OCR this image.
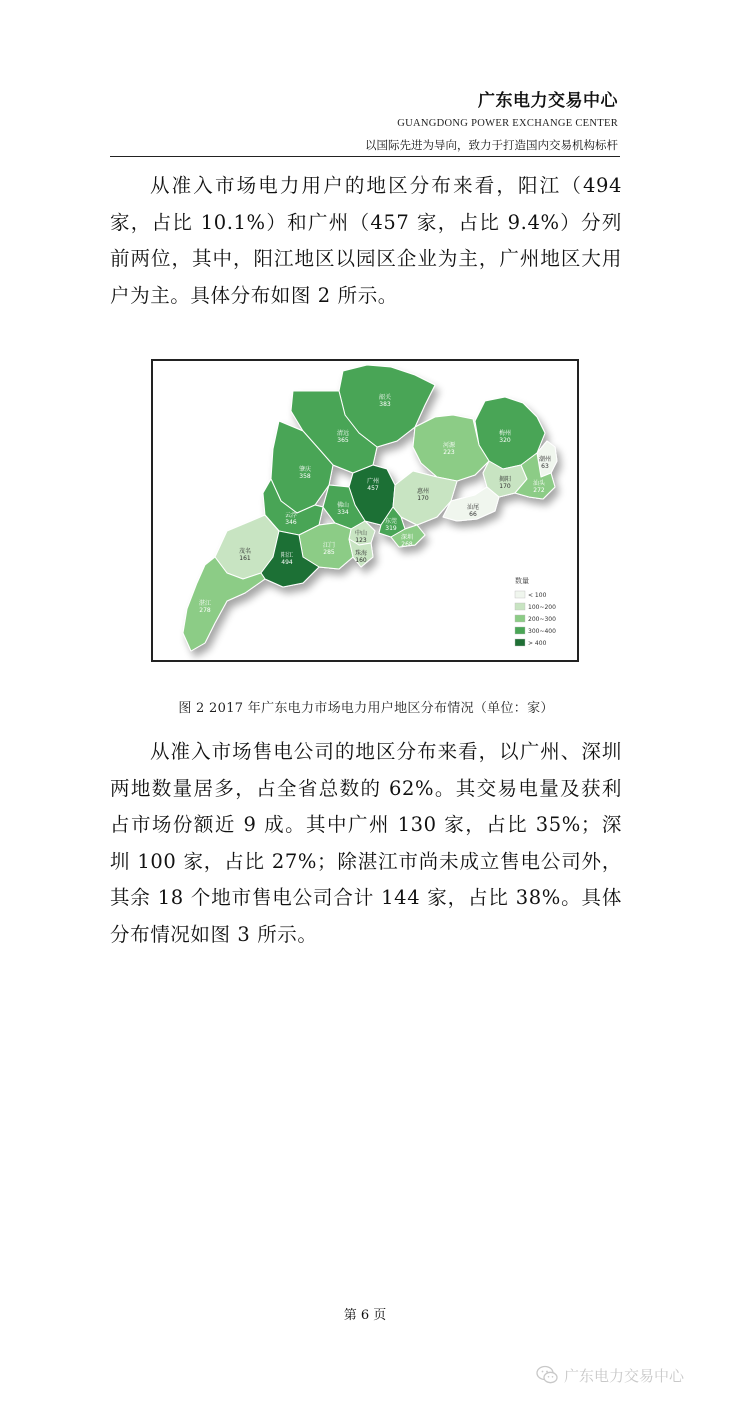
广东电力交易中心
GUANGDONG POWER EXCHANGE CENTER
以国际先进为导向，致力于打造国内交易机构标杆
从准入市场电力用户的地区分布来看，阳江（494 家，占比 10.1%）和广州（457 家，占比 9.4%）分列前两位，其中，阳江地区以园区企业为主，广州地区大用户为主。具体分布如图 2 所示。
韶关
383
清远
365
梅州
320
河源
223
潮州
63
肇庆
358
广州
457	惠州
170
揭阳
170	汕头
272
佛山
334
东莞
319
汕尾
66
云浮
346
中山
123	深圳
268
江门
285	珠海
160
茂名
161	阳江
494
湛江
278
数量
< 100
100~200
200~300
300~400
> 400
图 2 2017 年广东电力市场电力用户地区分布情况（单位：家）
从准入市场售电公司的地区分布来看，以广州、深圳两地数量居多，占全省总数的 62%。其交易电量及获利占市场份额近 9 成。其中广州 130 家，占比 35%；深圳 100 家，占比 27%；除湛江市尚未成立售电公司外，其余 18 个地市售电公司合计 144 家，占比 38%。具体分布情况如图 3 所示。
第 6 页
广东电力交易中心
